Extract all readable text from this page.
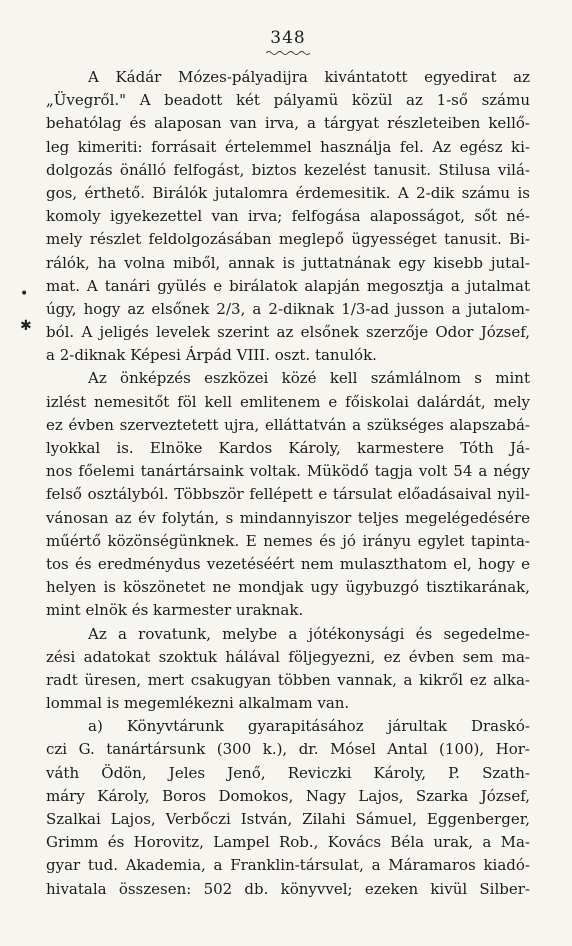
348
A Kádár Mózes-pályadijra kivántatott egyedirat az
„Üvegről." A beadott két pályamü közül az 1-ső számu
behatólag és alaposan van irva, a tárgyat részleteiben kellő-
leg kimeriti: forrásait értelemmel használja fel. Az egész ki-
dolgozás önálló felfogást, biztos kezelést tanusit. Stilusa vilá-
gos, érthető. Birálók jutalomra érdemesitik. A 2-dik számu is
komoly igyekezettel van irva; felfogása alaposságot, sőt né-
mely részlet feldolgozásában meglepő ügyességet tanusit. Bi-
rálók, ha volna miből, annak is juttatnának egy kisebb jutal-
mat. A tanári gyülés e birálatok alapján megosztja a jutalmat
úgy, hogy az elsőnek 2/3, a 2-diknak 1/3-ad jusson a jutalom-
ból. A jeligés levelek szerint az elsőnek szerzője Odor József,
a 2-diknak Képesi Árpád VIII. oszt. tanulók.
Az önképzés eszközei közé kell számlálnom s mint
izlést nemesitőt föl kell emlitenem e főiskolai dalárdát, mely
ez évben szerveztetett ujra, elláttatván a szükséges alapszabá-
lyokkal is. Elnöke Kardos Károly, karmestere Tóth Já-
nos főelemi tanártársaink voltak. Müködő tagja volt 54 a négy
felső osztályból. Többször fellépett e társulat előadásaival nyil-
vánosan az év folytán, s mindannyiszor teljes megelégedésére
műértő közönségünknek. E nemes és jó irányu egylet tapinta-
tos és eredménydus vezetéséért nem mulaszthatom el, hogy e
helyen is köszönetet ne mondjak ugy ügybuzgó tisztikarának,
mint elnök és karmester uraknak.
Az a rovatunk, melybe a jótékonysági és segedelme-
zési adatokat szoktuk hálával följegyezni, ez évben sem ma-
radt üresen, mert csakugyan többen vannak, a kikről ez alka-
lommal is megemlékezni alkalmam van.
a) Könyvtárunk gyarapitásához járultak Draskó-
czi G. tanártársunk (300 k.), dr. Mósel Antal (100), Hor-
váth Ödön, Jeles Jenő, Reviczki Károly, P. Szath-
máry Károly, Boros Domokos, Nagy Lajos, Szarka József,
Szalkai Lajos, Verbőczi István, Zilahi Sámuel, Eggenberger,
Grimm és Horovitz, Lampel Rob., Kovács Béla urak, a Ma-
gyar tud. Akademia, a Franklin-társulat, a Máramaros kiadó-
hivatala összesen: 502 db. könyvvel; ezeken kivül Silber-
•
✱
